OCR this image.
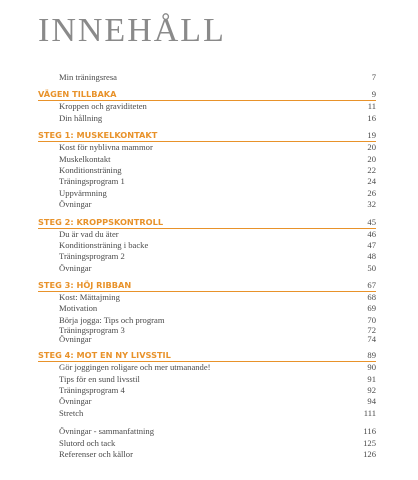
INNEHÅLL
Min träningsresa	7
VÄGEN TILLBAKA	9
Kroppen och graviditeten	11
Din hållning	16
STEG 1: MUSKELKONTAKT	19
Kost för nyblivna mammor	20
Muskelkontakt	20
Konditionsträning	22
Träningsprogram 1	24
Uppvärmning	26
Övningar	32
STEG 2: KROPPSKONTROLL	45
Du är vad du äter	46
Konditionsträning i backe	47
Träningsprogram 2	48
Övningar	50
STEG 3: HÖJ RIBBAN	67
Kost: Mättajming	68
Motivation	69
Börja jogga: Tips och program	70
Träningsprogram 3	72
Övningar	74
STEG 4: MOT EN NY LIVSSTIL	89
Gör joggingen roligare och mer utmanande!	90
Tips för en sund livsstil	91
Träningsprogram 4	92
Övningar	94
Stretch	111
Övningar - sammanfattning	116
Slutord och tack	125
Referenser och källor	126
